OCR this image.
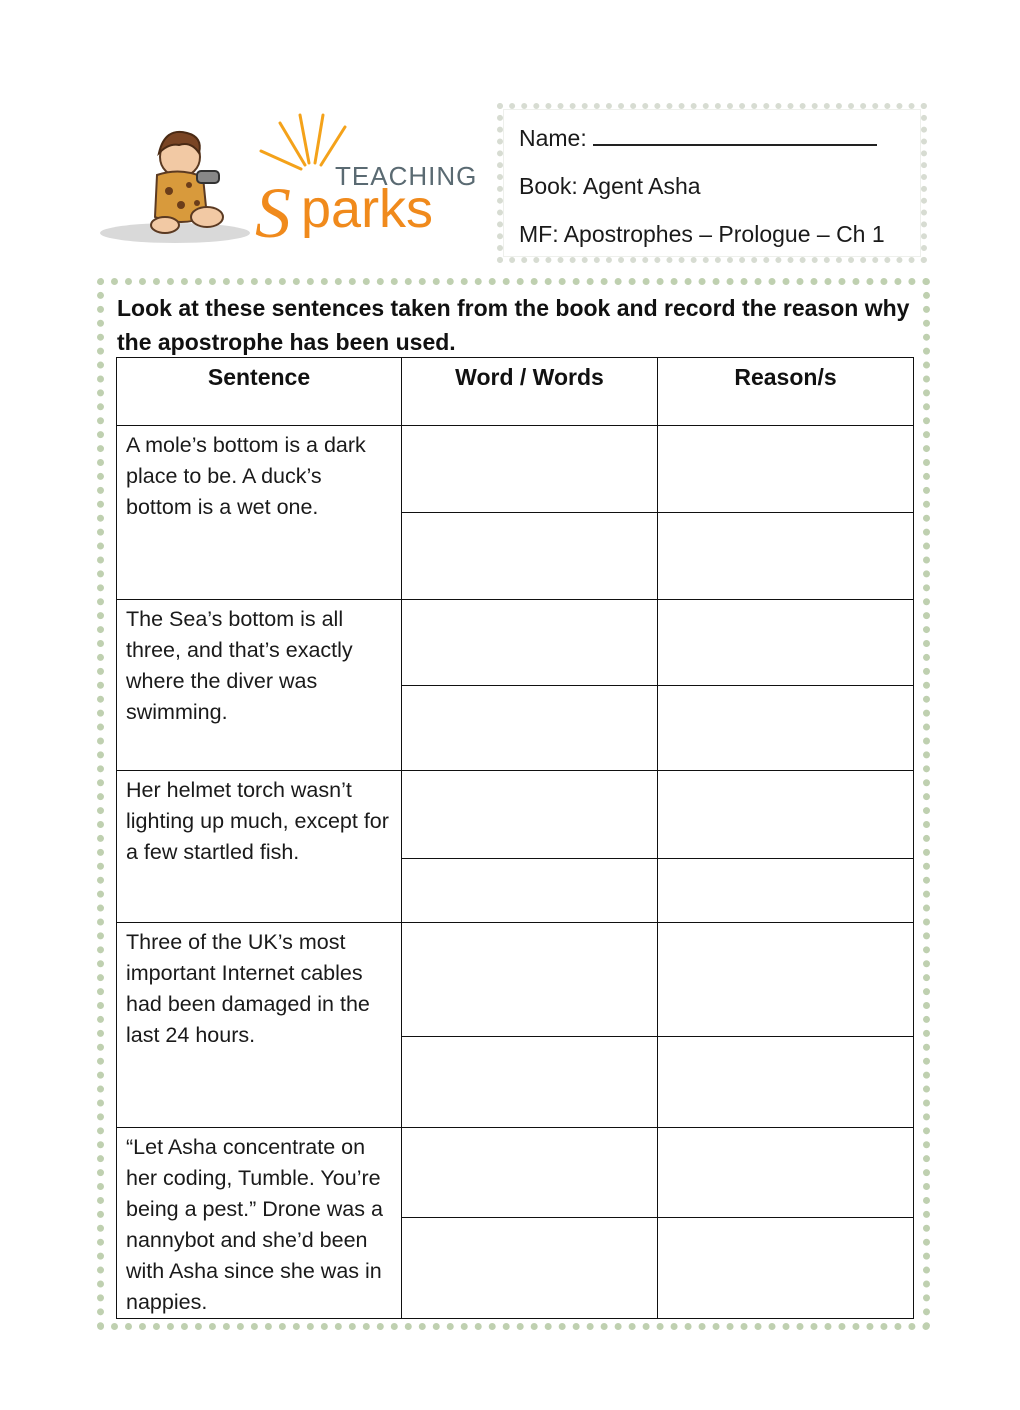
TEACHING
S parks
Name:
Book: Agent Asha
MF: Apostrophes – Prologue – Ch 1
Look at these sentences taken from the book and record the reason why the apostrophe has been used.
Sentence	Word / Words	Reason/s
A mole’s bottom is a dark place to be. A duck’s bottom is a wet one.		

The Sea’s bottom is all three, and that’s exactly where the diver was swimming.		

Her helmet torch wasn’t lighting up much, except for a few startled fish.		

Three of the UK’s most important Internet cables had been damaged in the last 24 hours.		

“Let Asha concentrate on her coding, Tumble. You’re being a pest.” Drone was a nannybot and she’d been with Asha since she was in nappies.		
